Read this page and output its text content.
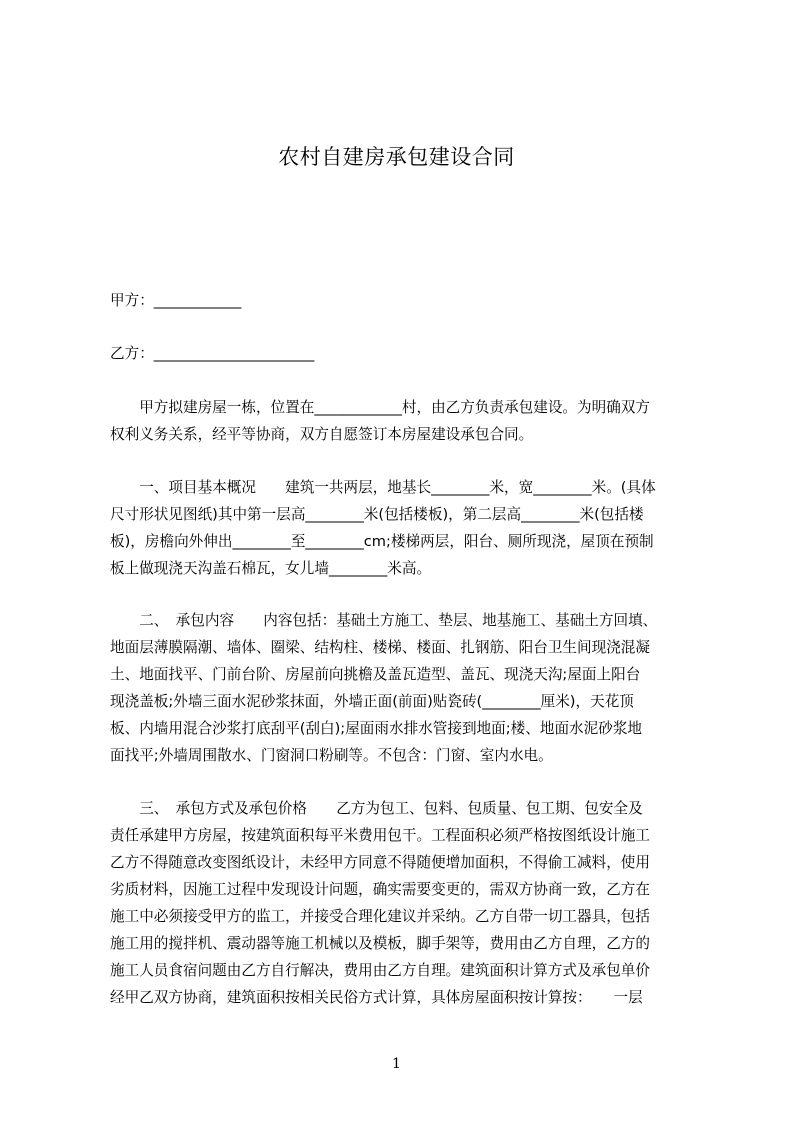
农村自建房承包建设合同
甲方：____________
乙方：______________________
　　甲方拟建房屋一栋，位置在____________村，由乙方负责承包建设。为明确双方
权利义务关系，经平等协商，双方自愿签订本房屋建设承包合同。
　　一、项目基本概况　　建筑一共两层，地基长________米，宽________米。(具体
尺寸形状见图纸)其中第一层高________米(包括楼板)，第二层高________米(包括楼
板)，房檐向外伸出________至________cm;楼梯两层，阳台、厕所现浇，屋顶在预制
板上做现浇天沟盖石棉瓦，女儿墙________米高。
　　二、　承包内容　　内容包括：基础土方施工、垫层、地基施工、基础土方回填、
地面层薄膜隔潮、墙体、圈梁、结构柱、楼梯、楼面、扎钢筋、阳台卫生间现浇混凝
土、地面找平、门前台阶、房屋前向挑檐及盖瓦造型、盖瓦、现浇天沟;屋面上阳台
现浇盖板;外墙三面水泥砂浆抹面，外墙正面(前面)贴瓷砖(________厘米)，天花顶
板、内墙用混合沙浆打底刮平(刮白);屋面雨水排水管接到地面;楼、地面水泥砂浆地
面找平;外墙周围散水、门窗洞口粉刷等。不包含：门窗、室内水电。
　　三、　承包方式及承包价格　　乙方为包工、包料、包质量、包工期、包安全及
责任承建甲方房屋，按建筑面积每平米费用包干。工程面积必须严格按图纸设计施工
乙方不得随意改变图纸设计，未经甲方同意不得随便增加面积，不得偷工减料，使用
劣质材料，因施工过程中发现设计问题，确实需要变更的，需双方协商一致，乙方在
施工中必须接受甲方的监工，并接受合理化建议并采纳。乙方自带一切工器具，包括
施工用的搅拌机、震动器等施工机械以及模板，脚手架等，费用由乙方自理，乙方的
施工人员食宿问题由乙方自行解决，费用由乙方自理。建筑面积计算方式及承包单价
经甲乙双方协商，建筑面积按相关民俗方式计算，具体房屋面积按计算按：　　一层
1
